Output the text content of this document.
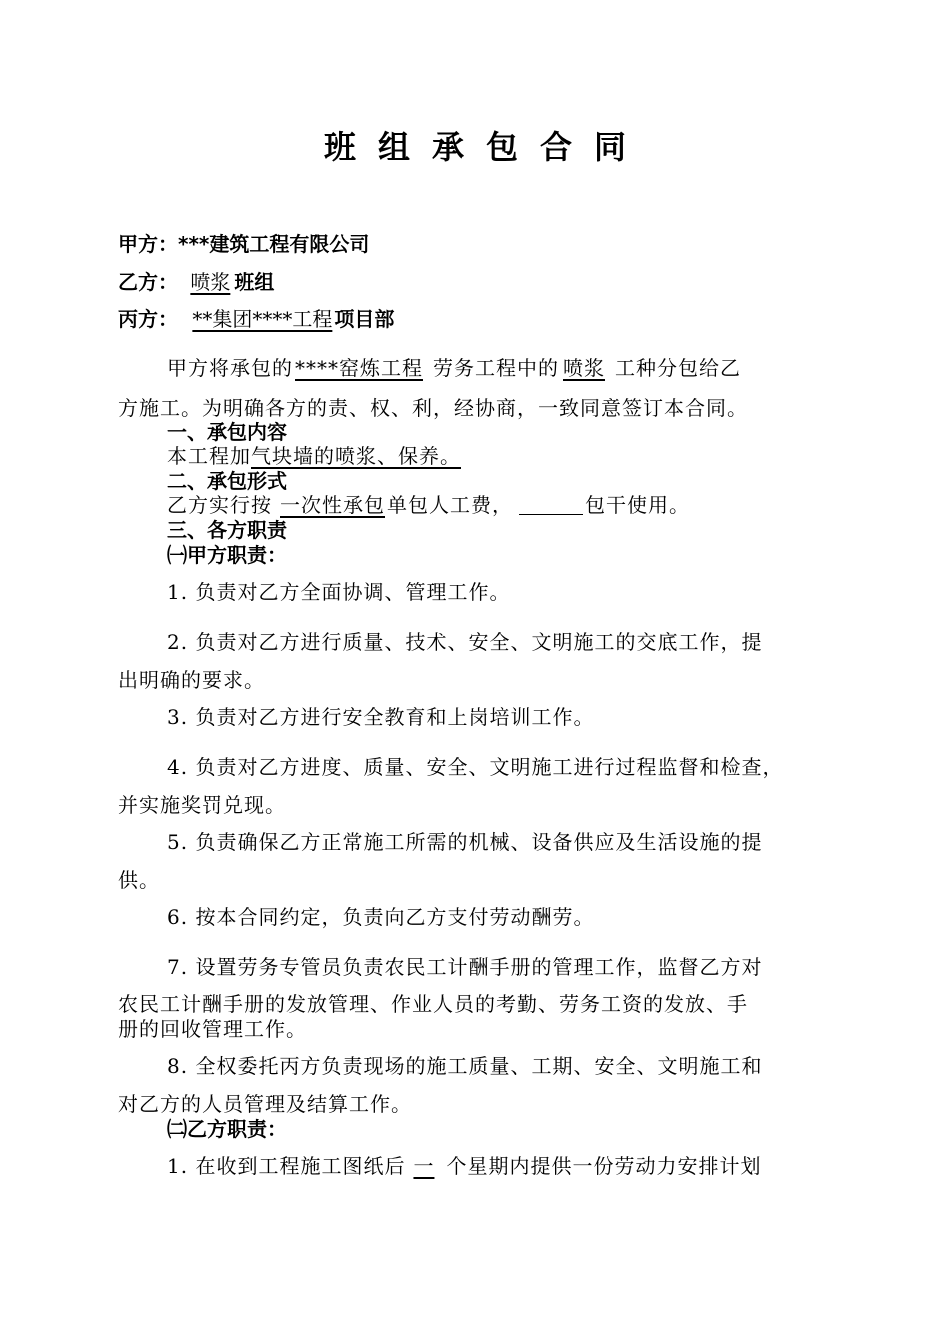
班组承包合同
甲方：***建筑工程有限公司
乙方： 喷浆 班组
丙方： **集团****工程 项目部
甲方将承包的 ****窑炼工程 劳务工程中的 喷浆 工种分包给乙
方施工。为明确各方的责、权、利，经协商，一致同意签订本合同。
一、承包内容
本工程加气块墙的喷浆、保养。
二、承包形式
乙方实行按 一次性承包 单包人工费，	包干使用。
三、各方职责
㈠甲方职责：
1. 负责对乙方全面协调、管理工作。
2. 负责对乙方进行质量、技术、安全、文明施工的交底工作，提
出明确的要求。
3. 负责对乙方进行安全教育和上岗培训工作。
4. 负责对乙方进度、质量、安全、文明施工进行过程监督和检查，
并实施奖罚兑现。
5. 负责确保乙方正常施工所需的机械、设备供应及生活设施的提
供。
6. 按本合同约定，负责向乙方支付劳动酬劳。
7. 设置劳务专管员负责农民工计酬手册的管理工作，监督乙方对
农民工计酬手册的发放管理、作业人员的考勤、劳务工资的发放、手
册的回收管理工作。
8. 全权委托丙方负责现场的施工质量、工期、安全、文明施工和
对乙方的人员管理及结算工作。
㈡乙方职责：
1. 在收到工程施工图纸后 一 个星期内提供一份劳动力安排计划
